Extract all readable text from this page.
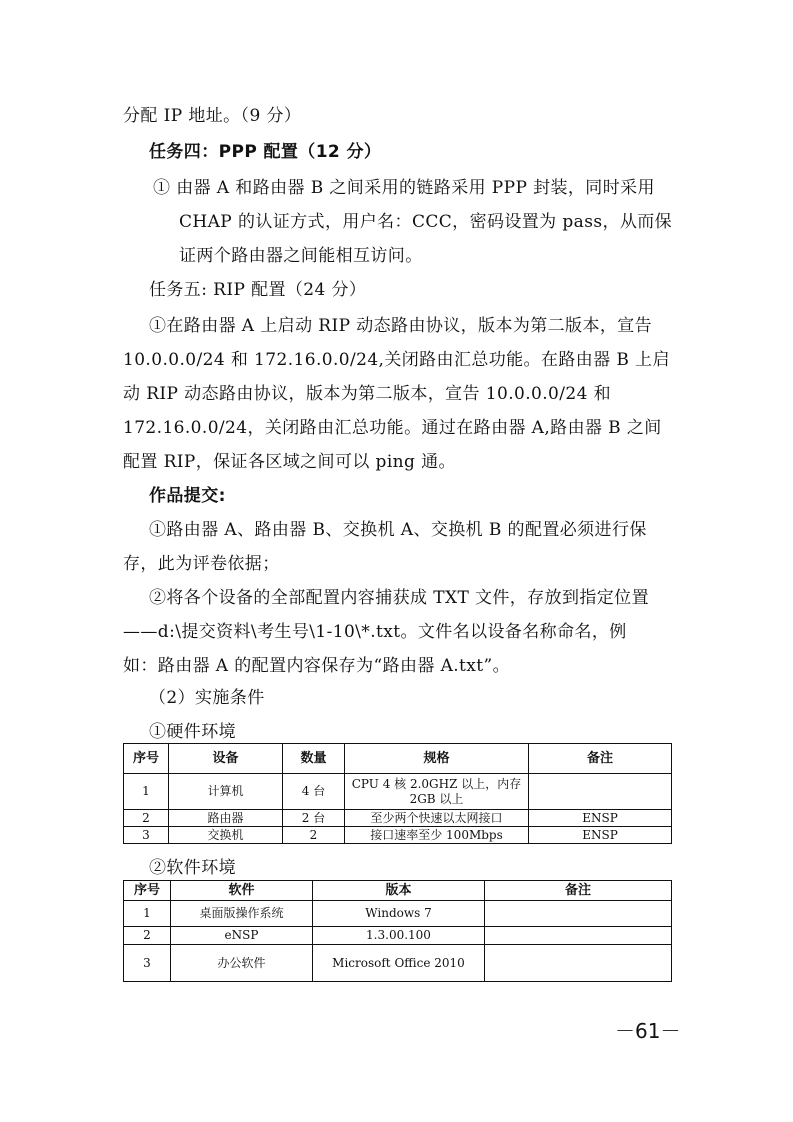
分配 IP 地址。（9 分）
任务四：PPP 配置（12 分）
① 由器 A 和路由器 B 之间采用的链路采用 PPP 封装，同时采用
CHAP 的认证方式，用户名：CCC，密码设置为 pass，从而保
证两个路由器之间能相互访问。
任务五: RIP 配置（24 分）
①在路由器 A 上启动 RIP 动态路由协议，版本为第二版本，宣告
10.0.0.0/24 和 172.16.0.0/24,关闭路由汇总功能。在路由器 B 上启
动 RIP 动态路由协议，版本为第二版本，宣告 10.0.0.0/24 和
172.16.0.0/24，关闭路由汇总功能。通过在路由器 A,路由器 B 之间
配置 RIP，保证各区域之间可以 ping 通。
作品提交:
①路由器 A、路由器 B、交换机 A、交换机 B 的配置必须进行保
存，此为评卷依据；
②将各个设备的全部配置内容捕获成 TXT 文件，存放到指定位置
——d:\提交资料\考生号\1-10\*.txt。文件名以设备名称命名，例
如：路由器 A 的配置内容保存为“路由器 A.txt”。
（2）实施条件
①硬件环境
序号	设备	数量	规格	备注
1	计算机	4 台	CPU 4 核 2.0GHZ 以上，内存 2GB 以上	
2	路由器	2 台	至少两个快速以太网接口	ENSP
3	交换机	2	接口速率至少 100Mbps	ENSP
②软件环境
序号	软件	版本	备注
1	桌面版操作系统	Windows 7	
2	eNSP	1.3.00.100	
3	办公软件	Microsoft Office 2010	
－61－
